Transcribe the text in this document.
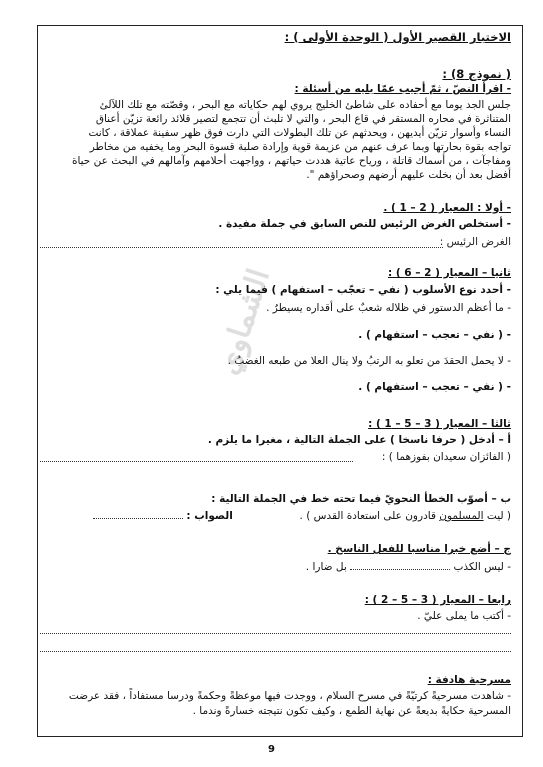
الشماوي
الاختبار القصير الأول ( الوحدة الأولى ) :
( نموذج 8) :
- اقرأ النصّ ، ثمّ أجيب عمّا يليه من أسئلة :
جلس الجد يوما مع أحفاده على شاطئ الخليج يروي لهم حكاياته مع البحر ، وقصّته مع تلك اللآلئ
المتناثرة في محاره المستقر في قاع البحر ، والتي لا تلبث أن تتجمع لتصير قلائد رائعة تزيّن أعناق
النساء وأسوار تزيّن أيديهن ، ويحدثهم عن تلك البطولات التي دارت فوق ظهر سفينة عملاقة ، كانت
تواجه بقوة بحارتها وبما عرف عنهم من عزيمة قوية وإرادة صلبة قسوة البحر وما يخفيه من مخاطر
ومفاجآت ، من أسماك قاتلة ، ورياح عاتية هددت حياتهم ، وواجهت أحلامهم وآمالهم في البحث عن حياة
أفضل بعد أن بخلت عليهم أرضهم وصحراؤهم ".
- أولا : المعيار ( 2 – 1 ) .
- أستخلص الغرض الرئيس للنص السابق في جملة مفيدة .
الغرض الرئيس :
ثانيا – المعيار ( 2 – 6 ) :
- أحدد نوع الأسلوب ( نفي – تعجّب – استفهام ) فيما يلي :
- ما أعظم الدستور في ظلاله شعبٌ على أقداره يسيطرُ .
- ( نفي – تعجب – استفهام ) .
- لا يحمل الحقدَ من تعلو به الرتبُ ولا ينال العلا من طبعه الغضبُ .
- ( نفي – تعجب – استفهام ) .
ثالثا – المعيار ( 3 – 5 – 1 ) :
أ – أدخل ( حرفا ناسخا ) على الجملة التالية ، مغيرا ما يلزم .
( الفائزان سعيدان بفوزهما ) :
ب – أصوّب الخطأ النحويّ فيما تحته خط في الجملة التالية :
( ليت المسلمون قادرون على استعادة القدس ) .  الصواب :
ج – أضع خبرا مناسبا للفعل الناسخ .
- ليس الكذب  بل ضارا .
رابعا – المعيار ( 3 – 5 – 2 ) :
- أكتب ما يملى عليّ .
مسرحية هادفة :
- شاهدت مسرحيةً كرتيّةً في مسرح السلام ، ووجدت فيها موعظةً وحكمةً ودرسا مستفاداً ، فقد عرضت
المسرحية حكايةً بديعةً عن نهاية الطمع ، وكيف تكون نتيجته خسارةً وندما .
9
